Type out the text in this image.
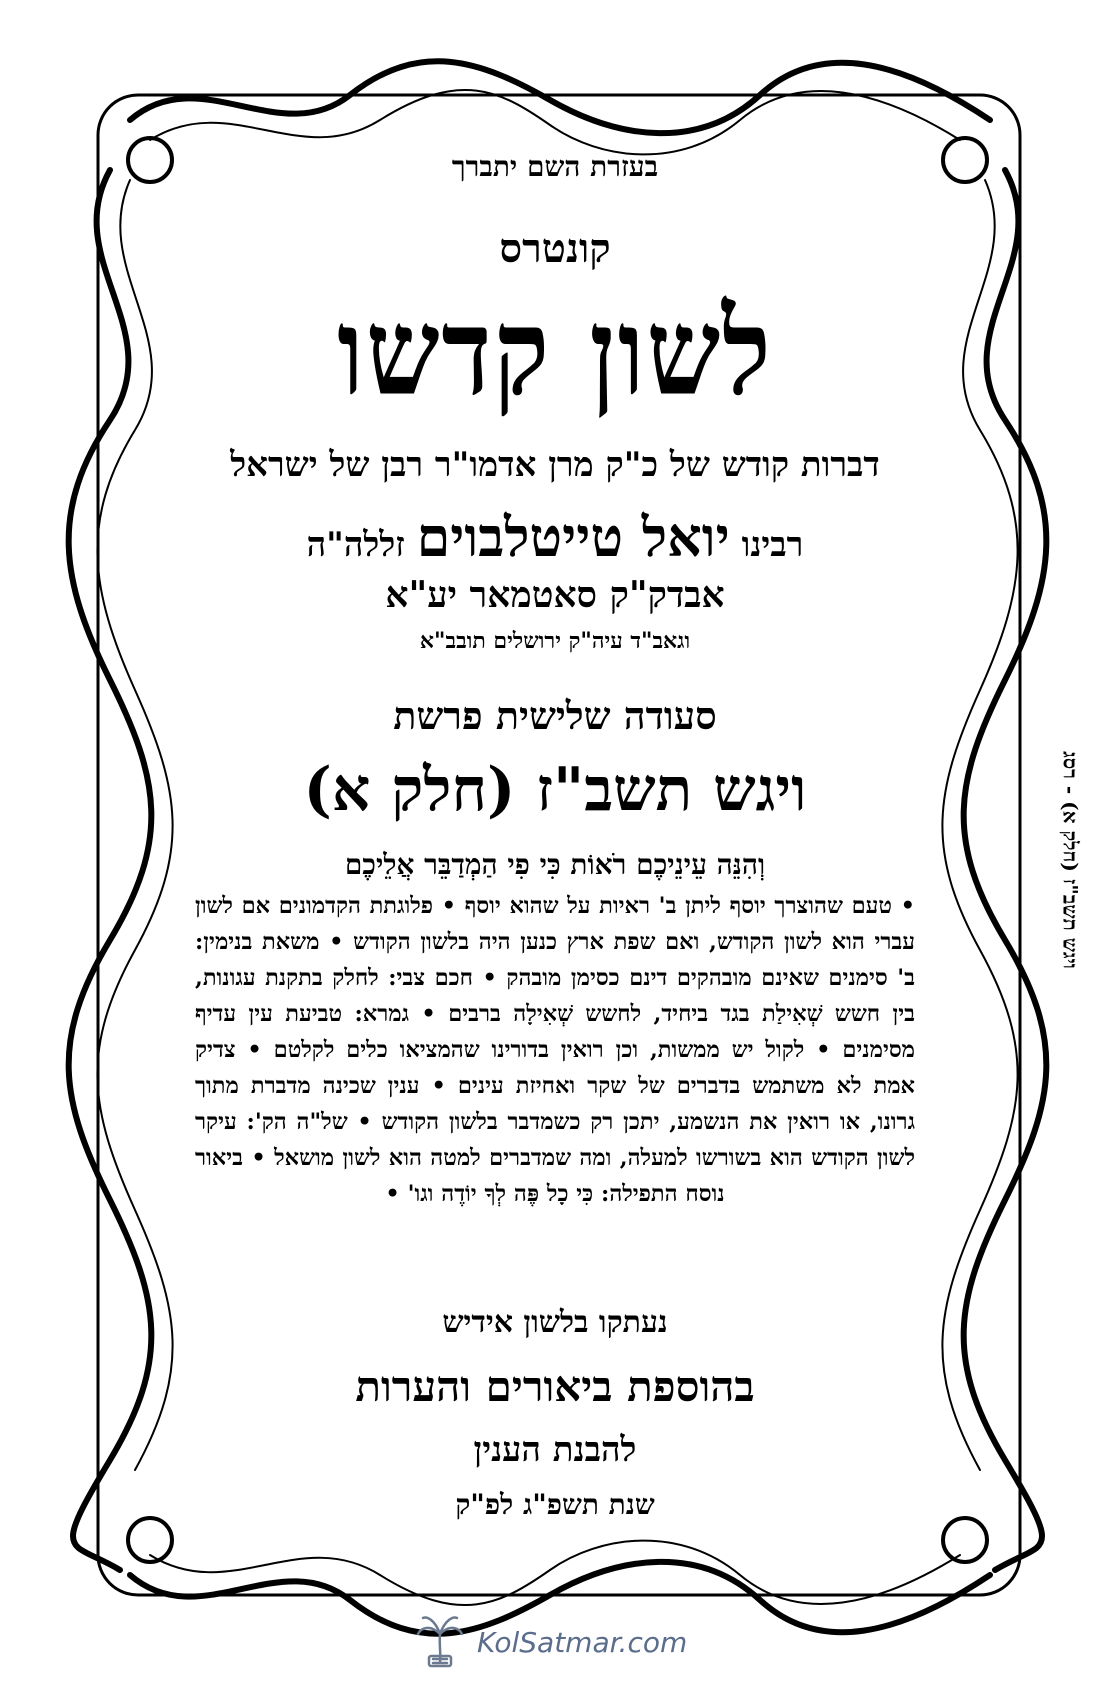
בעזרת השם יתברך
קונטרס
לשון קדשו
דברות קודש של כ"ק מרן אדמו"ר רבן של ישראל
רבינו יואל טייטלבוים זללה"ה
אבדק"ק סאטמאר יע"א
וגאב"ד עיה"ק ירושלים תובב"א
סעודה שלישית פרשת
ויגש תשב"ז (חלק א)
וְהִנֵּה עֵינֵיכֶם רֹאוֹת כִּי פִי הַמְדַבֵּר אֲלֵיכֶם
• טעם שהוצרך יוסף ליתן ב' ראיות על שהוא יוסף • פלוגתת הקדמונים אם לשון עברי הוא לשון הקודש, ואם שפת ארץ כנען היה בלשון הקודש • משאת בנימין: ב' סימנים שאינם מובהקים דינם כסימן מובהק • חכם צבי: לחלק בתקנת עגונות, בין חשש שְׁאִילַת בגד ביחיד, לחשש שְׁאִילָה ברבים • גמרא: טביעת עין עדיף מסימנים • לקול יש ממשות, וכן רואין בדורינו שהמציאו כלים לקלטם • צדיק אמת לא משתמש בדברים של שקר ואחיזת עינים • ענין שכינה מדברת מתוך גרונו, או רואין את הנשמע, יתכן רק כשמדבר בלשון הקודש • של"ה הק': עיקר לשון הקודש הוא בשורשו למעלה, ומה שמדברים למטה הוא לשון מושאל • ביאור נוסח התפילה: כִּי כָל פֶּה לְךָ יוֹדֶה וגו' •
נעתקו בלשון אידיש
בהוספת ביאורים והערות
להבנת הענין
שנת תשפ"ג לפ"ק
ויגש תשב"ז (חלק א) - רסג
KolSatmar.com
